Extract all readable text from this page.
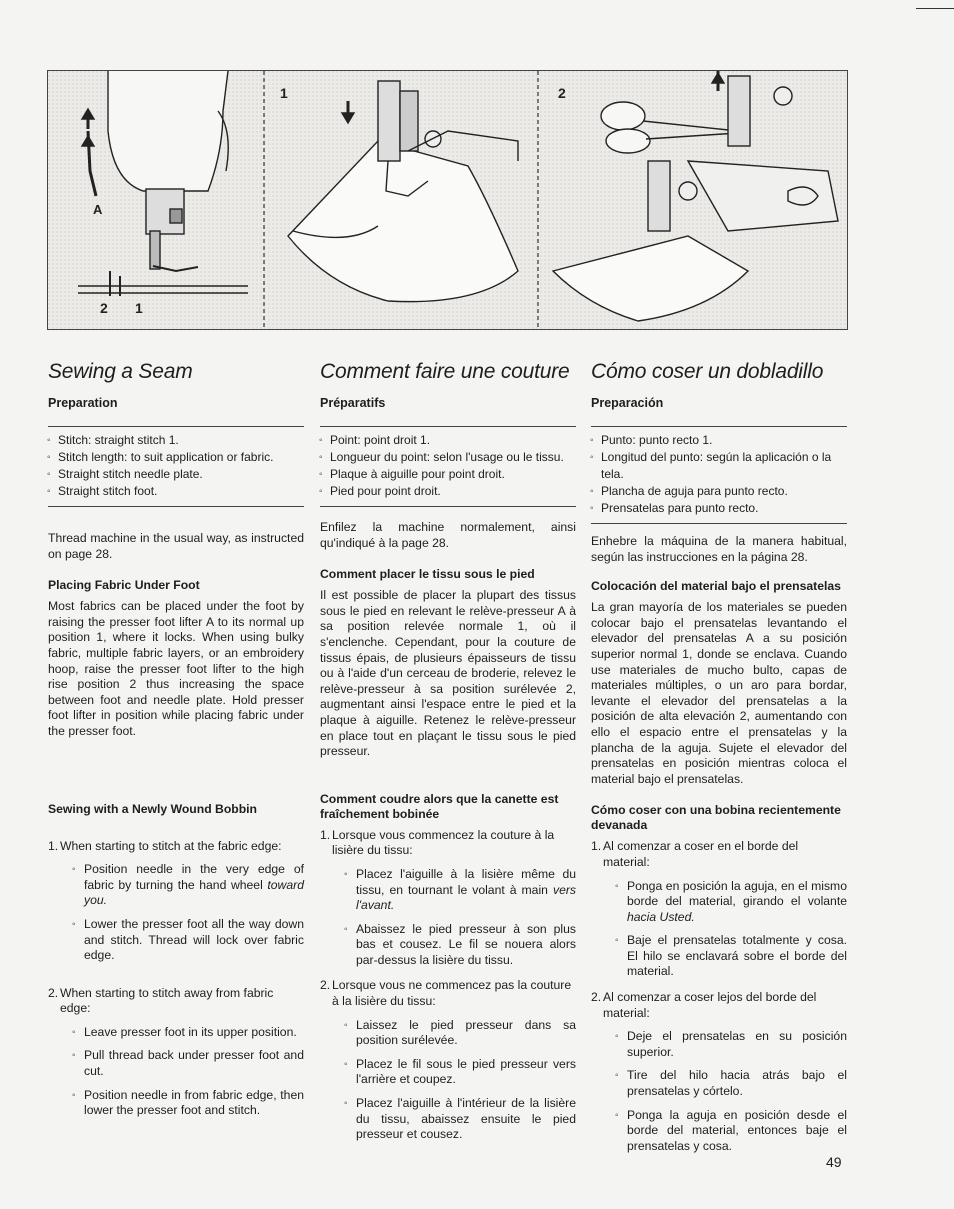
A
2 1
1	2
Sewing a Seam
Preparation
◦ Stitch: straight stitch 1.
◦ Stitch length: to suit application or fabric.
◦ Straight stitch needle plate.
◦ Straight stitch foot.

Thread machine in the usual way, as instructed on page 28.

Placing Fabric Under Foot

Most fabrics can be placed under the foot by raising the presser foot lifter A to its normal up position 1, where it locks. When using bulky fabric, multiple fabric layers, or an embroidery hoop, raise the presser foot lifter to the high rise position 2 thus increasing the space between foot and needle plate. Hold presser foot lifter in position while placing fabric under the presser foot.

Sewing with a Newly Wound Bobbin
1. When starting to stitch at the fabric edge:
◦ Position needle in the very edge of fabric by turning the hand wheel toward you.
◦ Lower the presser foot all the way down and stitch. Thread will lock over fabric edge.
2. When starting to stitch away from fabric edge:
◦ Leave presser foot in its upper position.
◦ Pull thread back under presser foot and cut.
◦ Position needle in from fabric edge, then lower the presser foot and stitch.
Comment faire une couture
Préparatifs
◦ Point: point droit 1.
◦ Longueur du point: selon l'usage ou le tissu.
◦ Plaque à aiguille pour point droit.
◦ Pied pour point droit.

Enfilez la machine normalement, ainsi qu'indiqué à la page 28.

Comment placer le tissu sous le pied

Il est possible de placer la plupart des tissus sous le pied en relevant le relève-presseur A à sa position relevée normale 1, où il s'enclenche. Cependant, pour la couture de tissus épais, de plusieurs épaisseurs de tissu ou à l'aide d'un cerceau de broderie, relevez le relève-presseur à sa position surélevée 2, augmentant ainsi l'espace entre le pied et la plaque à aiguille. Retenez le relève-presseur en place tout en plaçant le tissu sous le pied presseur.

Comment coudre alors que la canette est fraîchement bobinée
1. Lorsque vous commencez la couture à la lisière du tissu:
◦ Placez l'aiguille à la lisière même du tissu, en tournant le volant à main vers l'avant.
◦ Abaissez le pied presseur à son plus bas et cousez. Le fil se nouera alors par-dessus la lisière du tissu.
2. Lorsque vous ne commencez pas la couture à la lisière du tissu:
◦ Laissez le pied presseur dans sa position surélevée.
◦ Placez le fil sous le pied presseur vers l'arrière et coupez.
◦ Placez l'aiguille à l'intérieur de la lisière du tissu, abaissez ensuite le pied presseur et cousez.
Cómo coser un dobladillo
Preparación
◦ Punto: punto recto 1.
◦ Longitud del punto: según la aplicación o la tela.
◦ Plancha de aguja para punto recto.
◦ Prensatelas para punto recto.

Enhebre la máquina de la manera habitual, según las instrucciones en la página 28.

Colocación del material bajo el prensatelas

La gran mayoría de los materiales se pueden colocar bajo el prensatelas levantando el elevador del prensatelas A a su posición superior normal 1, donde se enclava. Cuando use materiales de mucho bulto, capas de materiales múltiples, o un aro para bordar, levante el elevador del prensatelas a la posición de alta elevación 2, aumentando con ello el espacio entre el prensatelas y la plancha de la aguja. Sujete el elevador del prensatelas en posición mientras coloca el material bajo el prensatelas.

Cómo coser con una bobina recientemente devanada
1. Al comenzar a coser en el borde del material:
◦ Ponga en posición la aguja, en el mismo borde del material, girando el volante hacia Usted.
◦ Baje el prensatelas totalmente y cosa. El hilo se enclavará sobre el borde del material.
2. Al comenzar a coser lejos del borde del material:
◦ Deje el prensatelas en su posición superior.
◦ Tire del hilo hacia atrás bajo el prensatelas y córtelo.
◦ Ponga la aguja en posición desde el borde del material, entonces baje el prensatelas y cosa.
49
